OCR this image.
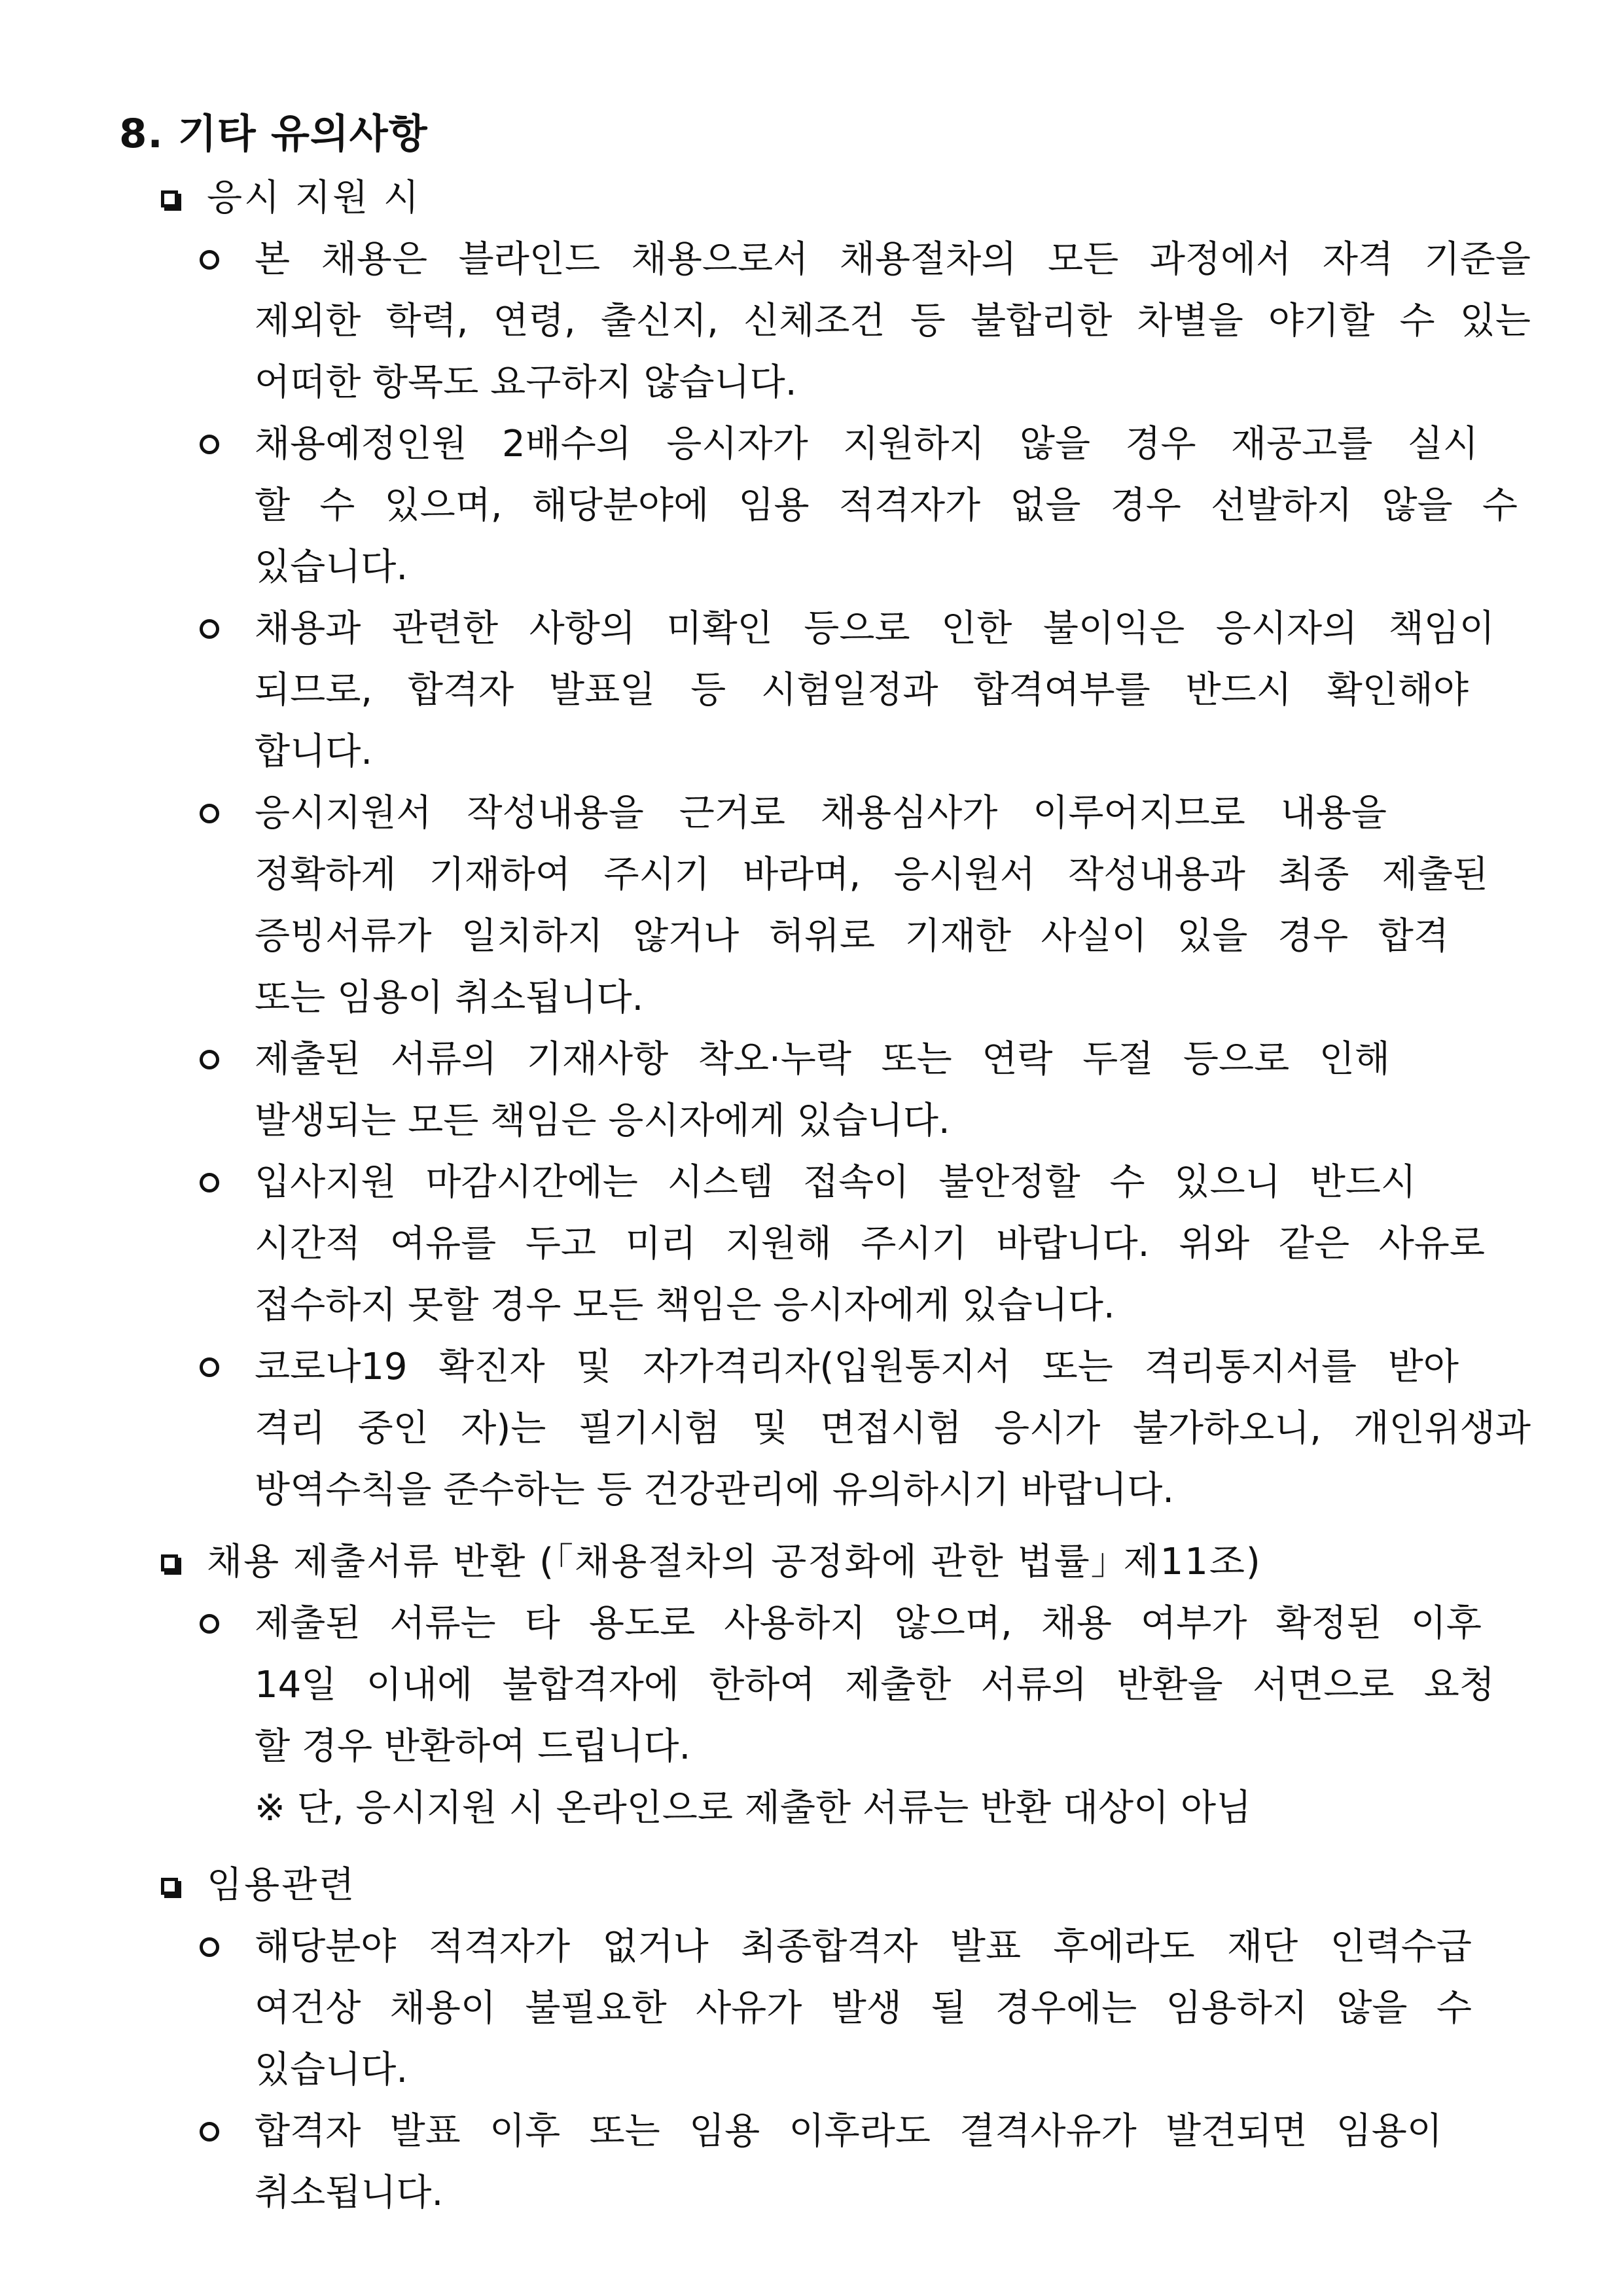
8. 기타 유의사항
응시 지원 시
본 채용은 블라인드 채용으로서 채용절차의 모든 과정에서 자격 기준을
제외한 학력, 연령, 출신지, 신체조건 등 불합리한 차별을 야기할 수 있는
어떠한 항목도 요구하지 않습니다.
채용예정인원 2배수의 응시자가 지원하지 않을 경우 재공고를 실시
할 수 있으며, 해당분야에 임용 적격자가 없을 경우 선발하지 않을 수
있습니다.
채용과 관련한 사항의 미확인 등으로 인한 불이익은 응시자의 책임이
되므로, 합격자 발표일 등 시험일정과 합격여부를 반드시 확인해야
합니다.
응시지원서 작성내용을 근거로 채용심사가 이루어지므로 내용을
정확하게 기재하여 주시기 바라며, 응시원서 작성내용과 최종 제출된
증빙서류가 일치하지 않거나 허위로 기재한 사실이 있을 경우 합격
또는 임용이 취소됩니다.
제출된 서류의 기재사항 착오·누락 또는 연락 두절 등으로 인해
발생되는 모든 책임은 응시자에게 있습니다.
입사지원 마감시간에는 시스템 접속이 불안정할 수 있으니 반드시
시간적 여유를 두고 미리 지원해 주시기 바랍니다. 위와 같은 사유로
접수하지 못할 경우 모든 책임은 응시자에게 있습니다.
코로나19 확진자 및 자가격리자(입원통지서 또는 격리통지서를 받아
격리 중인 자)는 필기시험 및 면접시험 응시가 불가하오니, 개인위생과
방역수칙을 준수하는 등 건강관리에 유의하시기 바랍니다.
채용 제출서류 반환 (｢채용절차의 공정화에 관한 법률｣ 제11조)
제출된 서류는 타 용도로 사용하지 않으며, 채용 여부가 확정된 이후
14일 이내에 불합격자에 한하여 제출한 서류의 반환을 서면으로 요청
할 경우 반환하여 드립니다.
※ 단, 응시지원 시 온라인으로 제출한 서류는 반환 대상이 아님
임용관련
해당분야 적격자가 없거나 최종합격자 발표 후에라도 재단 인력수급
여건상 채용이 불필요한 사유가 발생 될 경우에는 임용하지 않을 수
있습니다.
합격자 발표 이후 또는 임용 이후라도 결격사유가 발견되면 임용이
취소됩니다.
